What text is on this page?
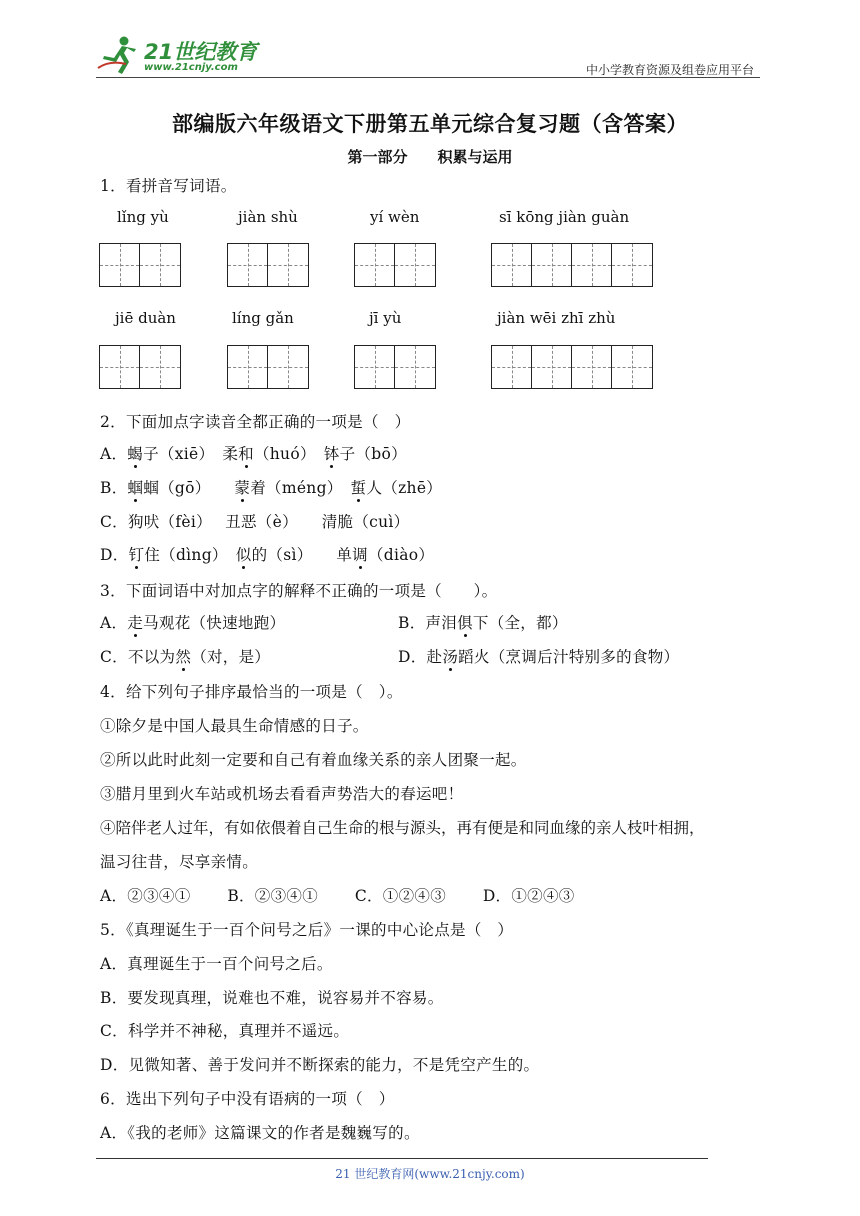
21世纪教育
www.21cnjy.com	中小学教育资源及组卷应用平台
部编版六年级语文下册第五单元综合复习题（含答案）
第一部分　　积累与运用
1．看拼音写词语。
lǐng yù	jiàn shù	yí wèn	sī kōng jiàn guàn
jiē duàn	líng gǎn	jī yù	jiàn wēi zhī zhù
2．下面加点字读音全都正确的一项是（　）
A．蝎子（xiē）　柔和（huó）　钵子（bō）
B．蝈蝈（gō）　　蒙着（méng）　蜇人（zhē）
C．狗吠（fèi）　 丑恶（è）　　清脆（cuì）
D．钉住（dìng）　似的（sì）　　单调（diào）
3．下面词语中对加点字的解释不正确的一项是（　　）。
A．走马观花（快速地跑）	B．声泪俱下（全，都）
C．不以为然（对，是）	D．赴汤蹈火（烹调后汁特别多的食物）
4．给下列句子排序最恰当的一项是（　）。
①除夕是中国人最具生命情感的日子。
②所以此时此刻一定要和自己有着血缘关系的亲人团聚一起。
③腊月里到火车站或机场去看看声势浩大的春运吧！
④陪伴老人过年，有如依偎着自己生命的根与源头，再有便是和同血缘的亲人枝叶相拥，
温习往昔，尽享亲情。
A．②③④①　　 B．②③④①　　 C．①②④③　　 D．①②④③
5．《真理诞生于一百个问号之后》一课的中心论点是（　）
A．真理诞生于一百个问号之后。
B．要发现真理，说难也不难，说容易并不容易。
C．科学并不神秘，真理并不遥远。
D．见微知著、善于发问并不断探索的能力，不是凭空产生的。
6．选出下列句子中没有语病的一项（　）
A．《我的老师》这篇课文的作者是魏巍写的。
21 世纪教育网(www.21cnjy.com)
